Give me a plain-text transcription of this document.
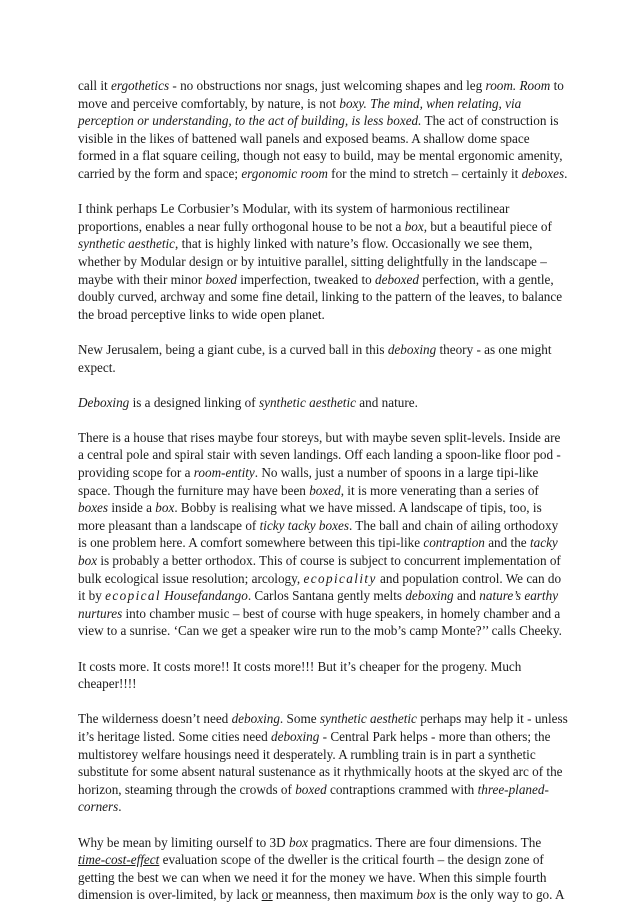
call it ergothetics - no obstructions nor snags, just welcoming shapes and leg room. Room to move and perceive comfortably, by nature, is not boxy. The mind, when relating, via perception or understanding, to the act of building, is less boxed. The act of construction is visible in the likes of battened wall panels and exposed beams. A shallow dome space formed in a flat square ceiling, though not easy to build, may be mental ergonomic amenity, carried by the form and space; ergonomic room for the mind to stretch – certainly it deboxes.
I think perhaps Le Corbusier’s Modular, with its system of harmonious rectilinear proportions, enables a near fully orthogonal house to be not a box, but a beautiful piece of synthetic aesthetic, that is highly linked with nature’s flow. Occasionally we see them, whether by Modular design or by intuitive parallel, sitting delightfully in the landscape – maybe with their minor boxed imperfection, tweaked to deboxed perfection, with a gentle, doubly curved, archway and some fine detail, linking to the pattern of the leaves, to balance the broad perceptive links to wide open planet.
New Jerusalem, being a giant cube, is a curved ball in this deboxing theory - as one might expect.
Deboxing is a designed linking of synthetic aesthetic and nature.
There is a house that rises maybe four storeys, but with maybe seven split-levels. Inside are a central pole and spiral stair with seven landings. Off each landing a spoon-like floor pod - providing scope for a room-entity. No walls, just a number of spoons in a large tipi-like space. Though the furniture may have been boxed, it is more venerating than a series of boxes inside a box. Bobby is realising what we have missed. A landscape of tipis, too, is more pleasant than a landscape of ticky tacky boxes. The ball and chain of ailing orthodoxy is one problem here. A comfort somewhere between this tipi-like contraption and the tacky box is probably a better orthodox. This of course is subject to concurrent implementation of bulk ecological issue resolution; arcology, ecopicality and population control. We can do it by ecopical Housefandango. Carlos Santana gently melts deboxing and nature’s earthy nurtures into chamber music – best of course with huge speakers, in homely chamber and a view to a sunrise. ‘Can we get a speaker wire run to the mob’s camp Monte?’’ calls Cheeky.
It costs more. It costs more!! It costs more!!! But it’s cheaper for the progeny. Much cheaper!!!!
The wilderness doesn’t need deboxing. Some synthetic aesthetic perhaps may help it - unless it’s heritage listed. Some cities need deboxing - Central Park helps - more than others; the multistorey welfare housings need it desperately. A rumbling train is in part a synthetic substitute for some absent natural sustenance as it rhythmically hoots at the skyed arc of the horizon, steaming through the crowds of boxed contraptions crammed with three-planed-corners.
Why be mean by limiting ourself to 3D box pragmatics. There are four dimensions. The time-cost-effect evaluation scope of the dweller is the critical fourth – the design zone of getting the best we can when we need it for the money we have. When this simple fourth dimension is over-limited, by lack or meanness, then maximum box is the only way to go. A
